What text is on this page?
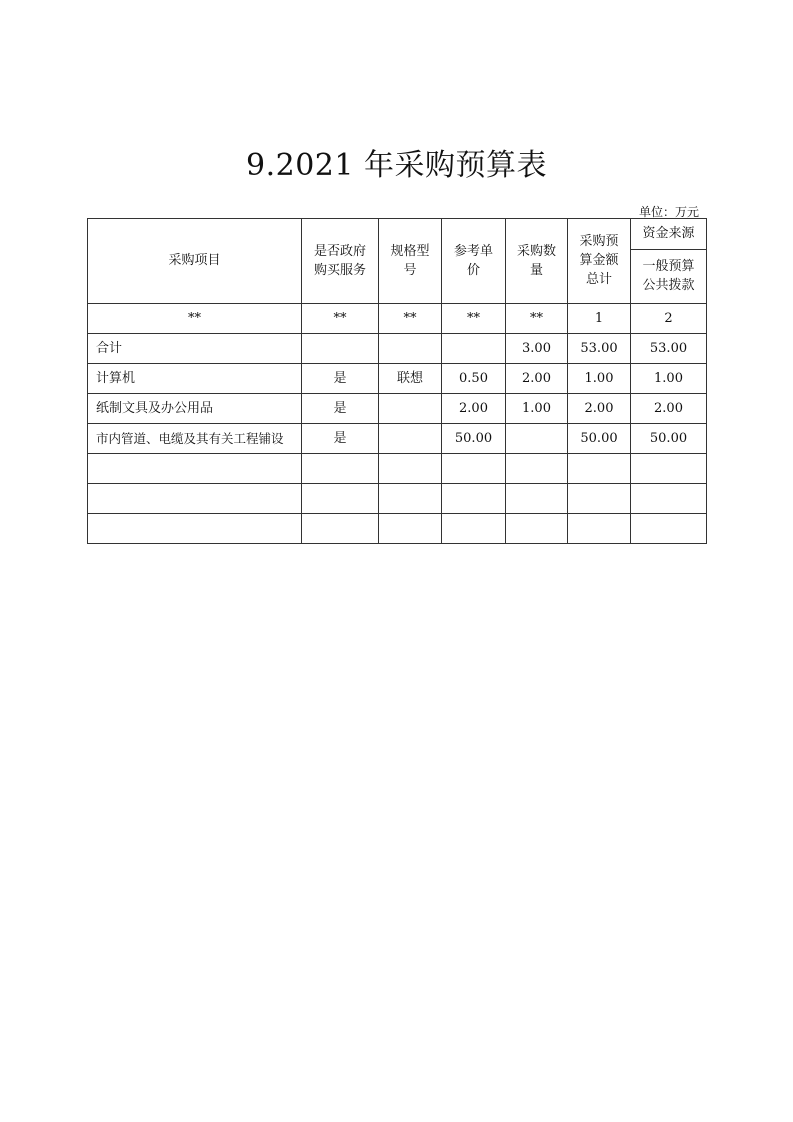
9.2021 年采购预算表
单位：万元
采购项目	是否政府购买服务	规格型号	参考单价	采购数量	采购预算金额总计	资金来源
						一般预算公共拨款
**	**	**	**	**	1	2
合计				3.00	53.00	53.00
计算机	是	联想	0.50	2.00	1.00	1.00
纸制文具及办公用品	是		2.00	1.00	2.00	2.00
市内管道、电缆及其有关工程铺设	是		50.00		50.00	50.00
